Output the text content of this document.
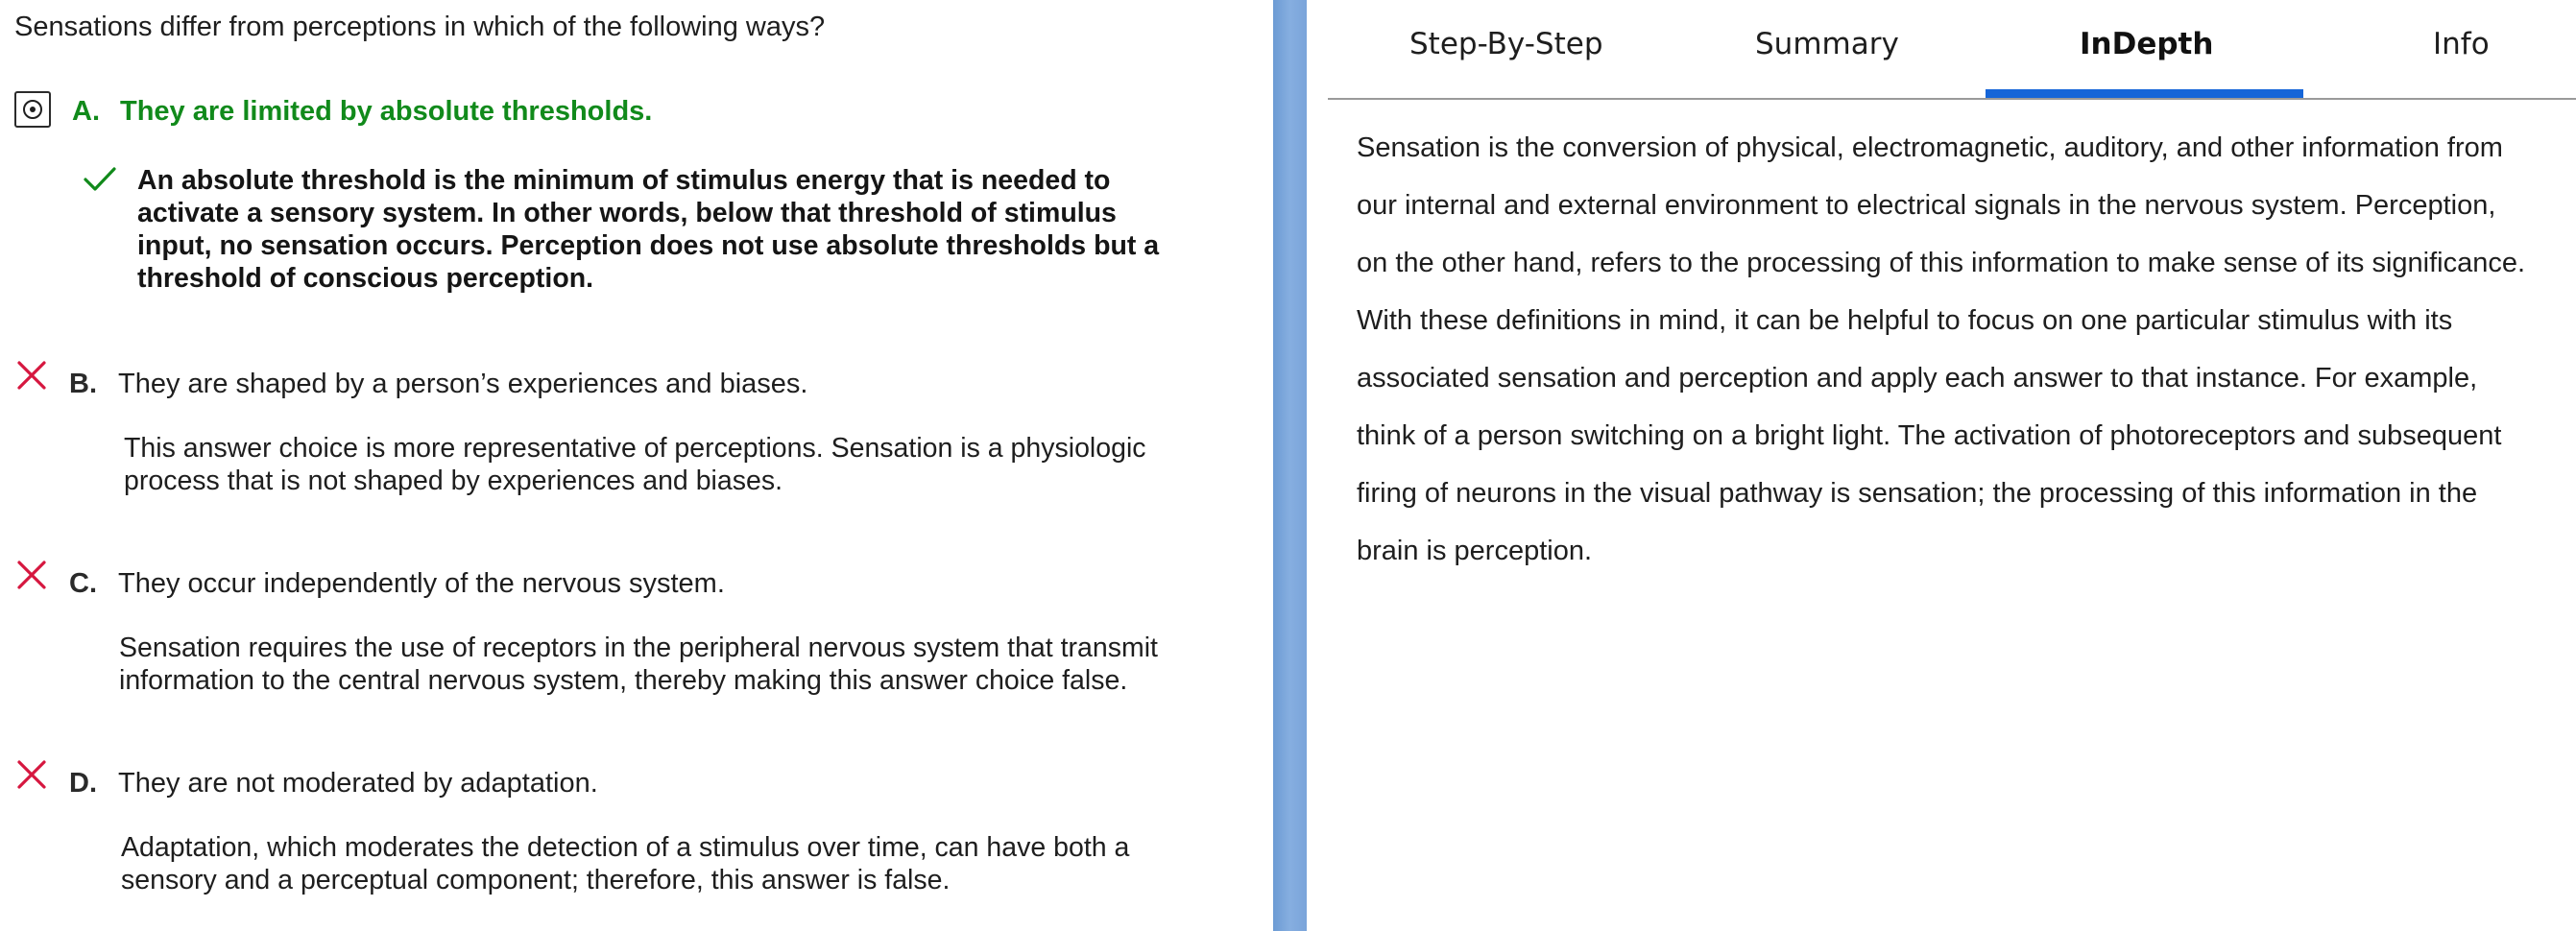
Sensations differ from perceptions in which of the following ways?
A. They are limited by absolute thresholds.
An absolute threshold is the minimum of stimulus energy that is needed to
activate a sensory system. In other words, below that threshold of stimulus
input, no sensation occurs. Perception does not use absolute thresholds but a
threshold of conscious perception.
B. They are shaped by a person’s experiences and biases.
This answer choice is more representative of perceptions. Sensation is a physiologic
process that is not shaped by experiences and biases.
C. They occur independently of the nervous system.
Sensation requires the use of receptors in the peripheral nervous system that transmit
information to the central nervous system, thereby making this answer choice false.
D. They are not moderated by adaptation.
Adaptation, which moderates the detection of a stimulus over time, can have both a
sensory and a perceptual component; therefore, this answer is false.
Step-By-Step	Summary	InDepth	Info
Sensation is the conversion of physical, electromagnetic, auditory, and other information from
our internal and external environment to electrical signals in the nervous system. Perception,
on the other hand, refers to the processing of this information to make sense of its significance.
With these definitions in mind, it can be helpful to focus on one particular stimulus with its
associated sensation and perception and apply each answer to that instance. For example,
think of a person switching on a bright light. The activation of photoreceptors and subsequent
firing of neurons in the visual pathway is sensation; the processing of this information in the
brain is perception.
